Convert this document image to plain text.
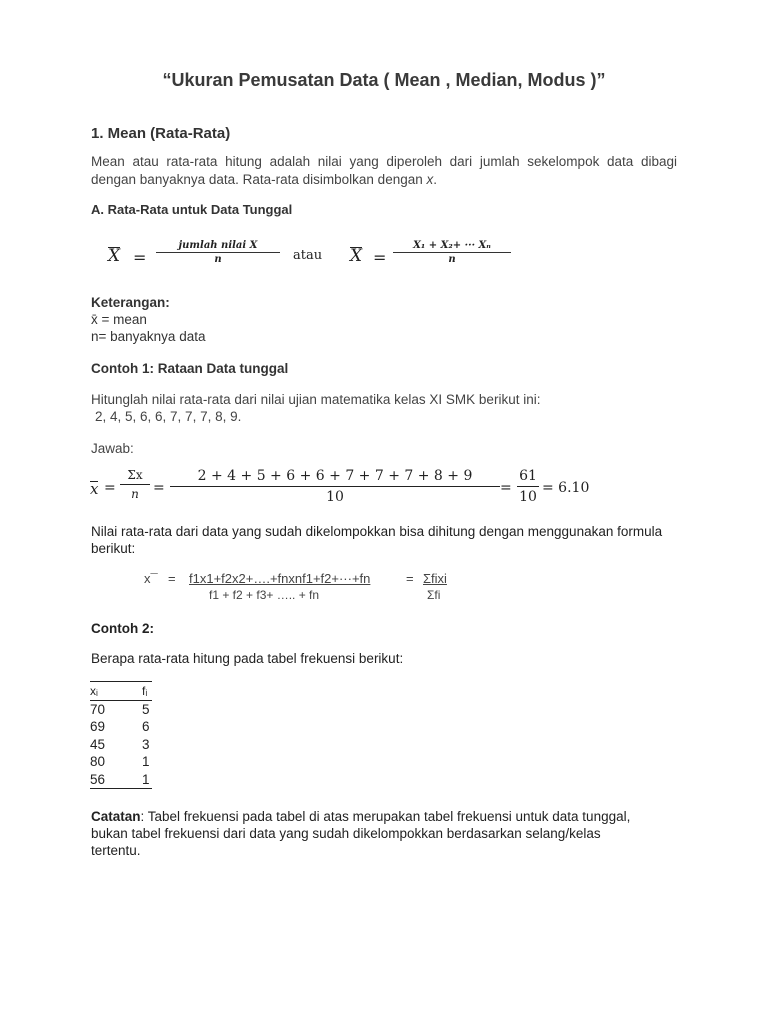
“Ukuran Pemusatan Data ( Mean , Median, Modus )”
1. Mean (Rata-Rata)
Mean atau rata-rata hitung adalah nilai yang diperoleh dari jumlah sekelompok data dibagi dengan banyaknya data. Rata-rata disimbolkan dengan x.
A. Rata-Rata untuk Data Tunggal
X =
jumlah nilai X
n	atau X =
X₁ + X₂+ ··· Xₙ
n
Keterangan:
x̄ = mean
n= banyaknya data
Contoh 1: Rataan Data tunggal
Hitunglah nilai rata-rata dari nilai ujian matematika kelas XI SMK berikut ini:
2, 4, 5, 6, 6, 7, 7, 7, 8, 9.
Jawab:
x =
Σx
n	=
2 + 4 + 5 + 6 + 6 + 7 + 7 + 7 + 8 + 9
10
=
61
10
= 6.10
Nilai rata-rata dari data yang sudah dikelompokkan bisa dihitung dengan menggunakan formula berikut:
x¯ = f1x1+f2x2+….+fnxnf1+f2+···+fn	= Σfixi
f1 + f2 + f3+ ….. + fn	Σfi
Contoh 2:
Berapa rata-rata hitung pada tabel frekuensi berikut:
xᵢ	fᵢ
70	5
69	6
45	3
80	1
56	1
Catatan: Tabel frekuensi pada tabel di atas merupakan tabel frekuensi untuk data tunggal, bukan tabel frekuensi dari data yang sudah dikelompokkan berdasarkan selang/kelas tertentu.
